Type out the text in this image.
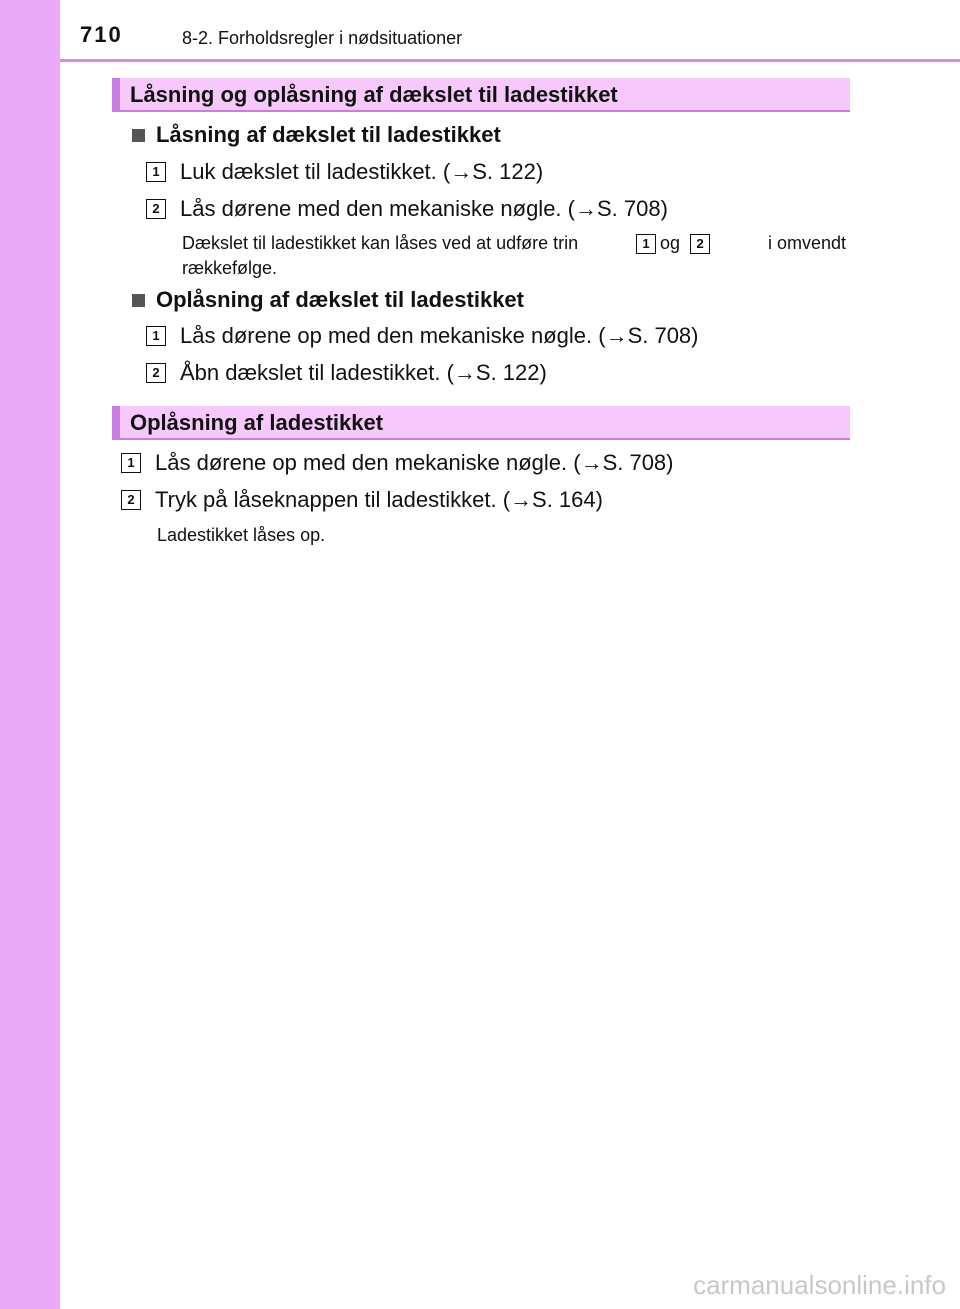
710	8-2. Forholdsregler i nødsituationer
Låsning og oplåsning af dækslet til ladestikket
Låsning af dækslet til ladestikket
1 Luk dækslet til ladestikket. (→S. 122)
2 Lås dørene med den mekaniske nøgle. (→S. 708)
Dækslet til ladestikket kan låses ved at udføre trin	1 og	2	i omvendt
rækkefølge.
Oplåsning af dækslet til ladestikket
1 Lås dørene op med den mekaniske nøgle. (→S. 708)
2 Åbn dækslet til ladestikket. (→S. 122)
Oplåsning af ladestikket
1 Lås dørene op med den mekaniske nøgle. (→S. 708)
2 Tryk på låseknappen til ladestikket. (→S. 164)
Ladestikket låses op.
carmanualsonline.info
